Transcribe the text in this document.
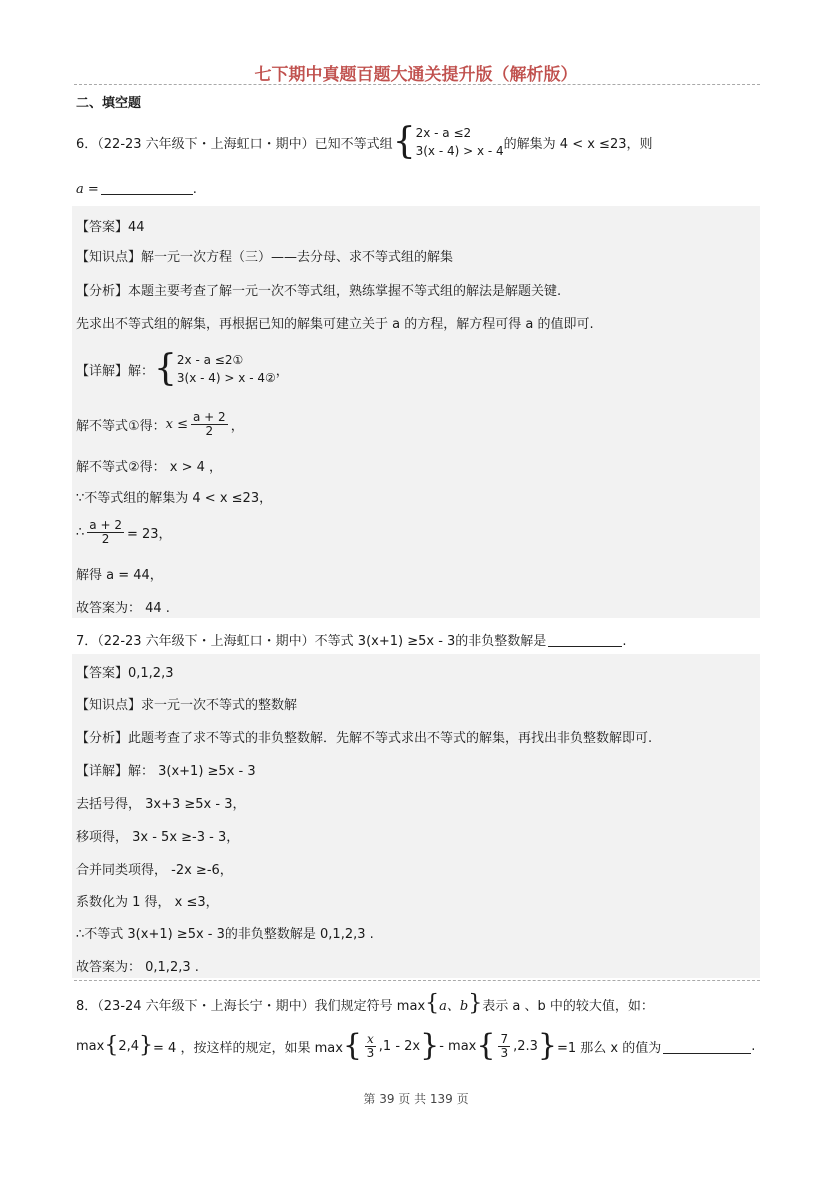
七下期中真题百题大通关提升版（解析版）
二、填空题
6．（22-23 六年级下・上海虹口・期中）已知不等式组 { 2x - a ≤2
3(x - 4) > x - 4 的解集为 4 < x ≤23，则
a =	.
【答案】44
【知识点】解一元一次方程（三）——去分母、求不等式组的解集
【分析】本题主要考查了解一元一次不等式组，熟练掌握不等式组的解法是解题关键.
先求出不等式组的解集，再根据已知的解集可建立关于 a 的方程，解方程可得 a 的值即可.
【详解】解： { 2x - a ≤2①
3(x - 4) > x - 4② ，
解不等式①得： $x \le \frac{a + 2}{2}$ ，
解不等式②得： x > 4 ，
∵不等式组的解集为 4 < x ≤23，
∴ $\frac{a + 2}{2} = 23$，
解得 a = 44，
故答案为： 44 .
7．（22-23 六年级下・上海虹口・期中）不等式 3(x+1) ≥5x - 3的非负整数解是	.
【答案】0,1,2,3
【知识点】求一元一次不等式的整数解
【分析】此题考查了求不等式的非负整数解．先解不等式求出不等式的解集，再找出非负整数解即可.
【详解】解： 3(x+1) ≥5x - 3
去括号得， 3x+3 ≥5x - 3，
移项得， 3x - 5x ≥-3 - 3，
合并同类项得， -2x ≥-6，
系数化为 1 得， x ≤3，
∴不等式 3(x+1) ≥5x - 3的非负整数解是 0,1,2,3 .
故答案为： 0,1,2,3 .
8．（23-24 六年级下・上海长宁・期中）我们规定符号 max { a、b } 表示 a 、b 中的较大值，如：
max { 2,4 } = 4 ，按这样的规定，如果 max { $\frac{x}{3} ,1 - 2x$ } - max { $\frac{7}{3} ,2.3$ } =1 那么 x 的值为	.
第 39 页 共 139 页
